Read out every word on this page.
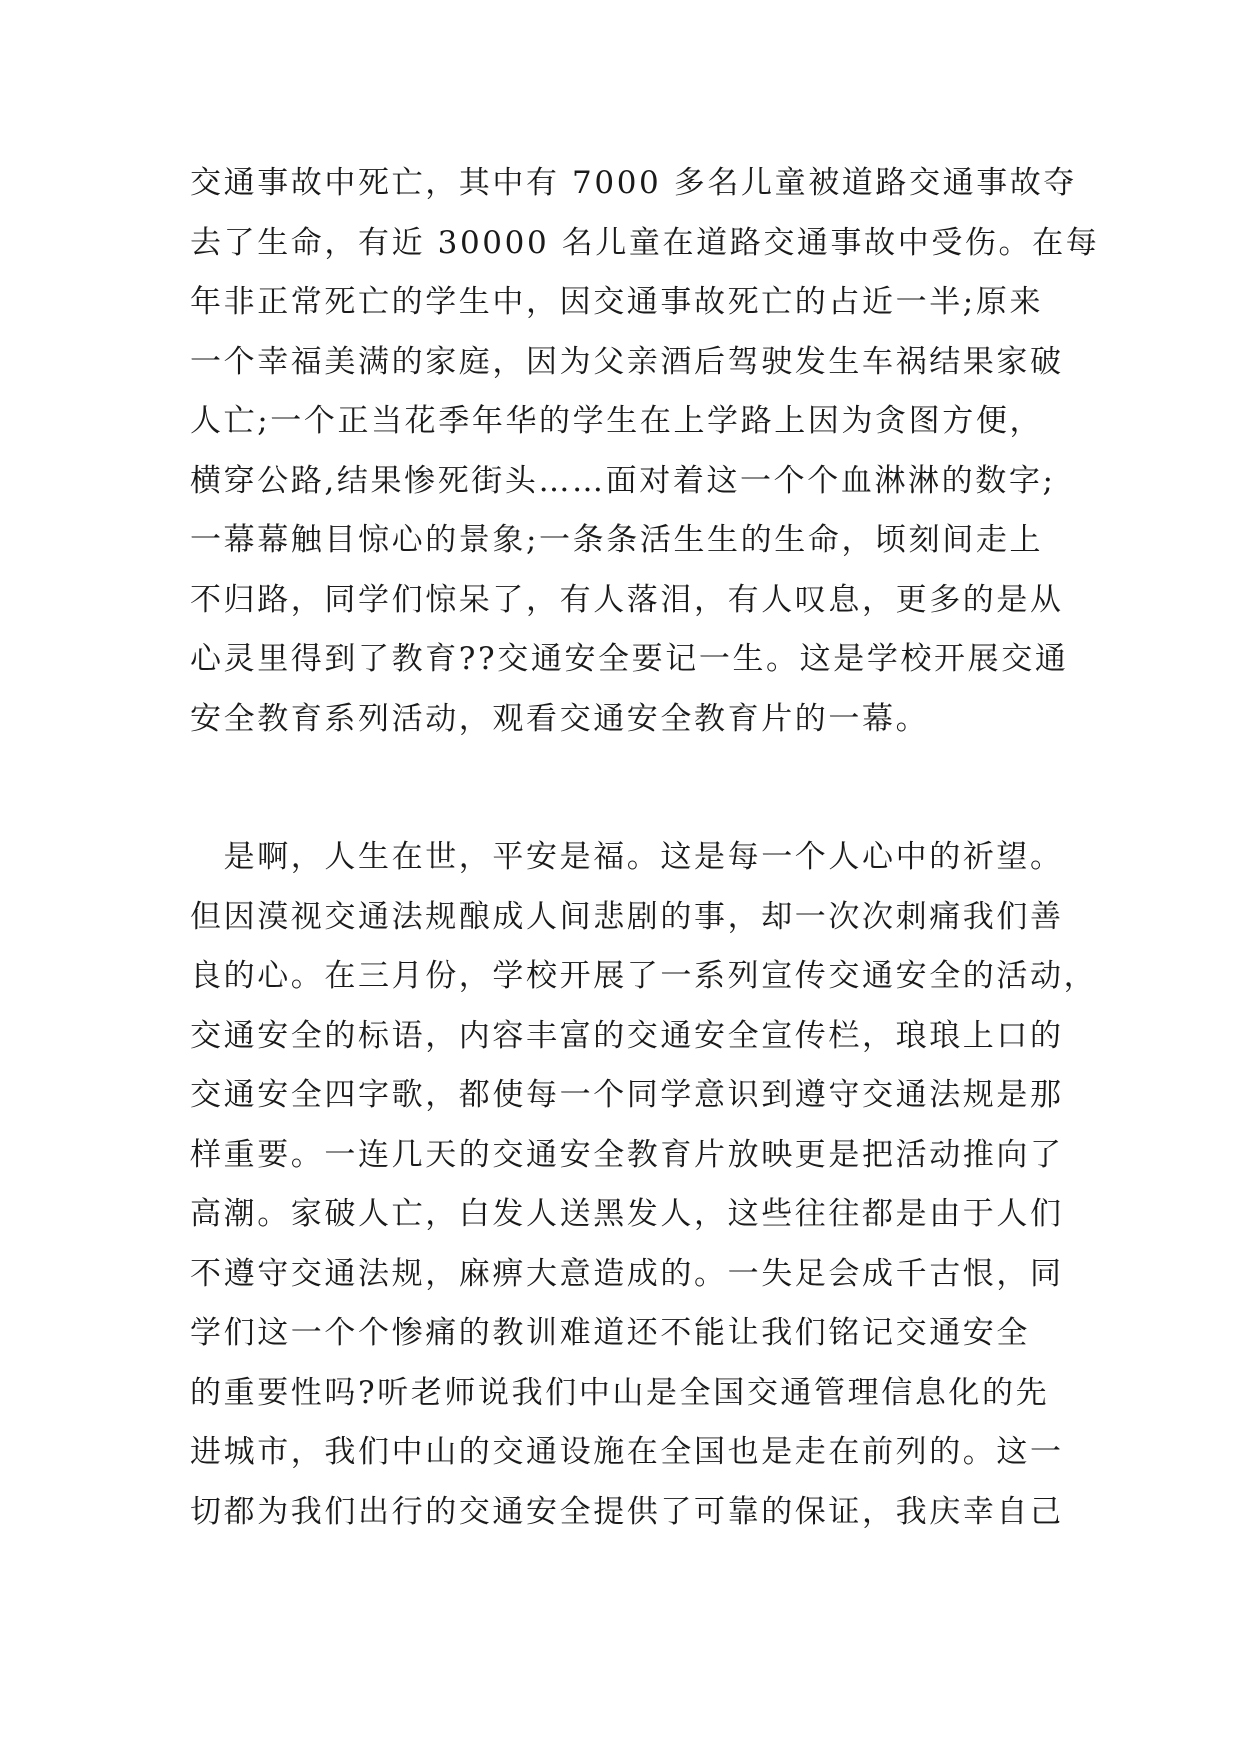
交通事故中死亡，其中有 7000 多名儿童被道路交通事故夺
去了生命，有近 30000 名儿童在道路交通事故中受伤。在每
年非正常死亡的学生中，因交通事故死亡的占近一半;原来
一个幸福美满的家庭，因为父亲酒后驾驶发生车祸结果家破
人亡;一个正当花季年华的学生在上学路上因为贪图方便，
横穿公路,结果惨死街头……面对着这一个个血淋淋的数字;
一幕幕触目惊心的景象;一条条活生生的生命，顷刻间走上
不归路，同学们惊呆了，有人落泪，有人叹息，更多的是从
心灵里得到了教育??交通安全要记一生。这是学校开展交通
安全教育系列活动，观看交通安全教育片的一幕。
　是啊，人生在世，平安是福。这是每一个人心中的祈望。
但因漠视交通法规酿成人间悲剧的事，却一次次刺痛我们善
良的心。在三月份，学校开展了一系列宣传交通安全的活动，
交通安全的标语，内容丰富的交通安全宣传栏，琅琅上口的
交通安全四字歌，都使每一个同学意识到遵守交通法规是那
样重要。一连几天的交通安全教育片放映更是把活动推向了
高潮。家破人亡，白发人送黑发人，这些往往都是由于人们
不遵守交通法规，麻痹大意造成的。一失足会成千古恨，同
学们这一个个惨痛的教训难道还不能让我们铭记交通安全
的重要性吗?听老师说我们中山是全国交通管理信息化的先
进城市，我们中山的交通设施在全国也是走在前列的。这一
切都为我们出行的交通安全提供了可靠的保证，我庆幸自己
